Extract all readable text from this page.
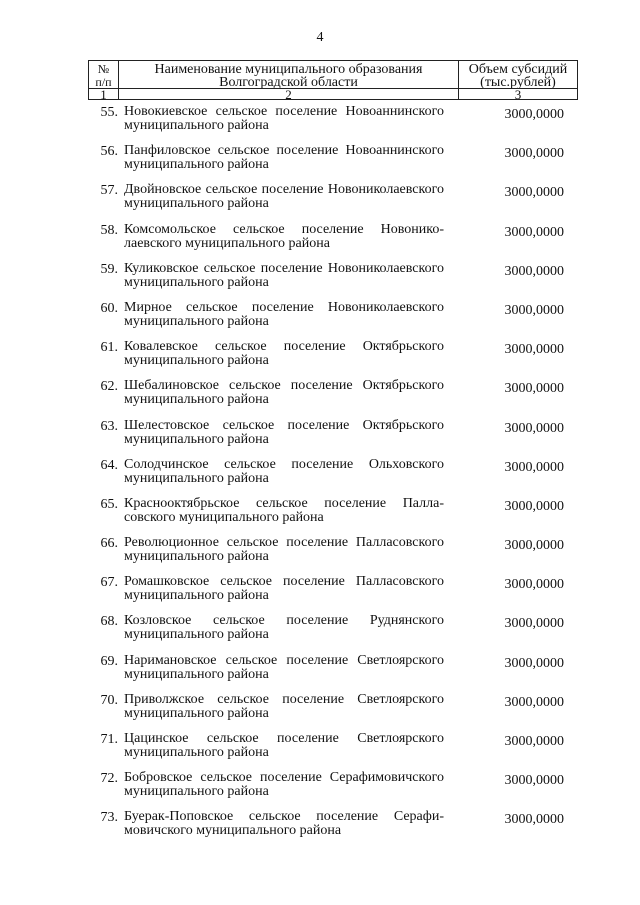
4
№
п/п
Наименование муниципального образования Волгоградской области
Объем субсидий (тыс.рублей)
1	2	3
55. Новокиевское сельское поселение Новоаннинского муниципального района
3000,0000
56. Панфиловское сельское поселение Новоаннинского муниципального района
3000,0000
57. Двойновское сельское поселение Новониколаевского муниципального района
3000,0000
58. Комсомольское сельское поселение Новонико-лаевского муниципального района
3000,0000
59. Куликовское сельское поселение Новониколаевского муниципального района
3000,0000
60. Мирное сельское поселение Новониколаевского муниципального района
3000,0000
61. Ковалевское сельское поселение Октябрьского муниципального района
3000,0000
62. Шебалиновское сельское поселение Октябрьского муниципального района
3000,0000
63. Шелестовское сельское поселение Октябрьского муниципального района
3000,0000
64. Солодчинское сельское поселение Ольховского муниципального района
3000,0000
65. Краснооктябрьское сельское поселение Палла-совского муниципального района
3000,0000
66. Революционное сельское поселение Палласовского муниципального района
3000,0000
67. Ромашковское сельское поселение Палласовского муниципального района
3000,0000
68. Козловское сельское поселение Руднянского муниципального района
3000,0000
69. Наримановское сельское поселение Светлоярского муниципального района
3000,0000
70. Приволжское сельское поселение Светлоярского муниципального района
3000,0000
71. Цацинское сельское поселение Светлоярского муниципального района
3000,0000
72. Бобровское сельское поселение Серафимовичского муниципального района
3000,0000
73. Буерак-Поповское сельское поселение Серафи-мовичского муниципального района
3000,0000
